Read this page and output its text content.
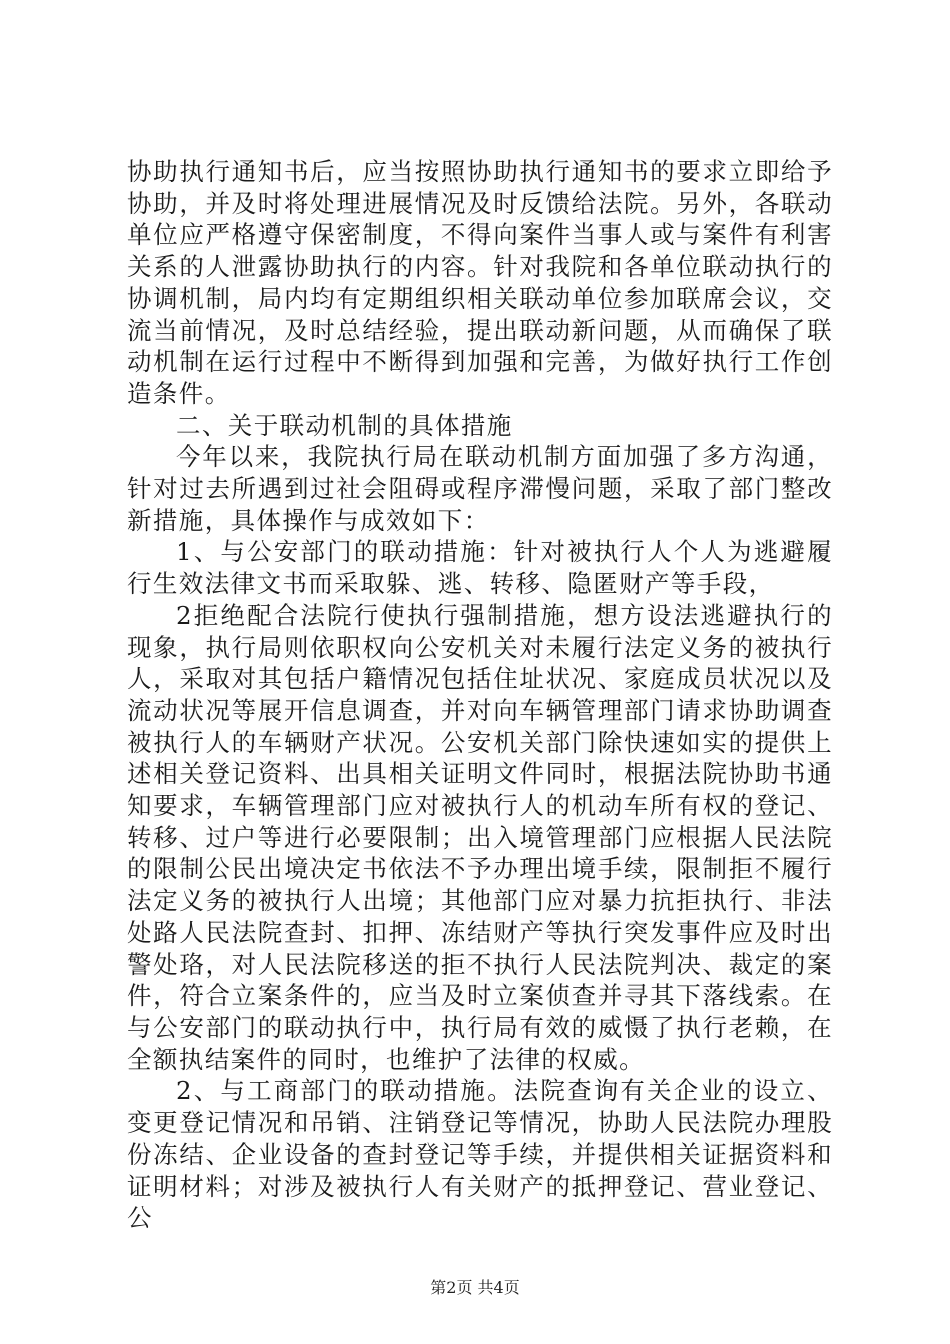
协助执行通知书后，应当按照协助执行通知书的要求立即给予协助，并及时将处理进展情况及时反馈给法院。另外，各联动单位应严格遵守保密制度，不得向案件当事人或与案件有利害关系的人泄露协助执行的内容。针对我院和各单位联动执行的协调机制，局内均有定期组织相关联动单位参加联席会议，交流当前情况，及时总结经验，提出联动新问题，从而确保了联动机制在运行过程中不断得到加强和完善，为做好执行工作创造条件。

二、关于联动机制的具体措施

今年以来，我院执行局在联动机制方面加强了多方沟通，针对过去所遇到过社会阻碍或程序滞慢问题，采取了部门整改新措施，具体操作与成效如下：

1、与公安部门的联动措施：针对被执行人个人为逃避履行生效法律文书而采取躲、逃、转移、隐匿财产等手段，

2拒绝配合法院行使执行强制措施，想方设法逃避执行的现象，执行局则依职权向公安机关对未履行法定义务的被执行人，采取对其包括户籍情况包括住址状况、家庭成员状况以及流动状况等展开信息调查，并对向车辆管理部门请求协助调查被执行人的车辆财产状况。公安机关部门除快速如实的提供上述相关登记资料、出具相关证明文件同时，根据法院协助书通知要求，车辆管理部门应对被执行人的机动车所有权的登记、转移、过户等进行必要限制；出入境管理部门应根据人民法院的限制公民出境决定书依法不予办理出境手续，限制拒不履行法定义务的被执行人出境；其他部门应对暴力抗拒执行、非法处路人民法院查封、扣押、冻结财产等执行突发事件应及时出警处珞，对人民法院移送的拒不执行人民法院判决、裁定的案件，符合立案条件的，应当及时立案侦查并寻其下落线索。在与公安部门的联动执行中，执行局有效的威慑了执行老赖，在全额执结案件的同时，也维护了法律的权威。

2、与工商部门的联动措施。法院查询有关企业的设立、变更登记情况和吊销、注销登记等情况，协助人民法院办理股份冻结、企业设备的查封登记等手续，并提供相关证据资料和证明材料；对涉及被执行人有关财产的抵押登记、营业登记、公

第2页 共4页
